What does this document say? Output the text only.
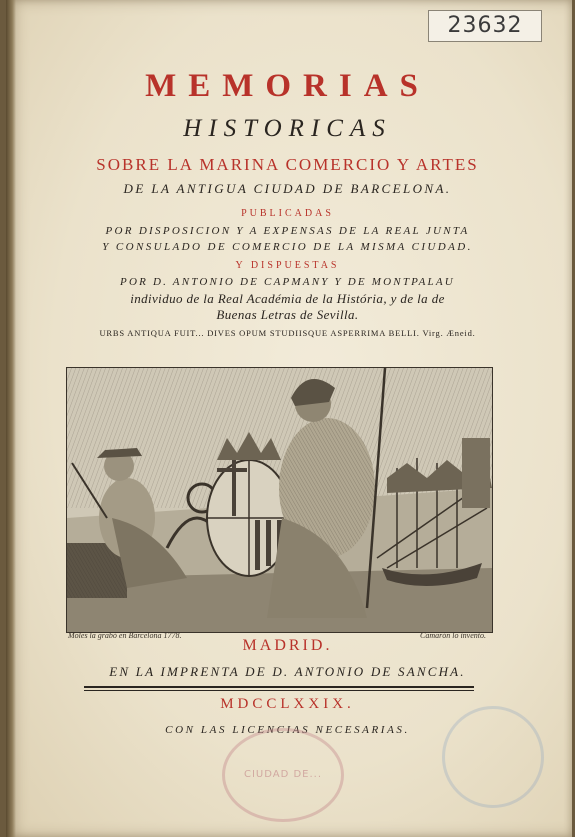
23632
MEMORIAS
HISTORICAS
SOBRE LA MARINA COMERCIO Y ARTES
DE LA ANTIGUA CIUDAD DE BARCELONA.
PUBLICADAS
POR DISPOSICION Y A EXPENSAS DE LA REAL JUNTA
Y CONSULADO DE COMERCIO DE LA MISMA CIUDAD.
Y DISPUESTAS
POR D. ANTONIO DE CAPMANY Y DE MONTPALAU
individuo de la Real Académia de la História, y de la de
Buenas Letras de Sevilla.
URBS ANTIQUA FUIT... DIVES OPUM STUDIISQUE ASPERRIMA BELLI. Virg. Æneid.
Moles la grabó en Barcelona 1778.	Camarón lo invento.
MADRID.
EN LA IMPRENTA DE D. ANTONIO DE SANCHA.
MDCCLXXIX.
CON LAS LICENCIAS NECESARIAS.
CIUDAD DE...
